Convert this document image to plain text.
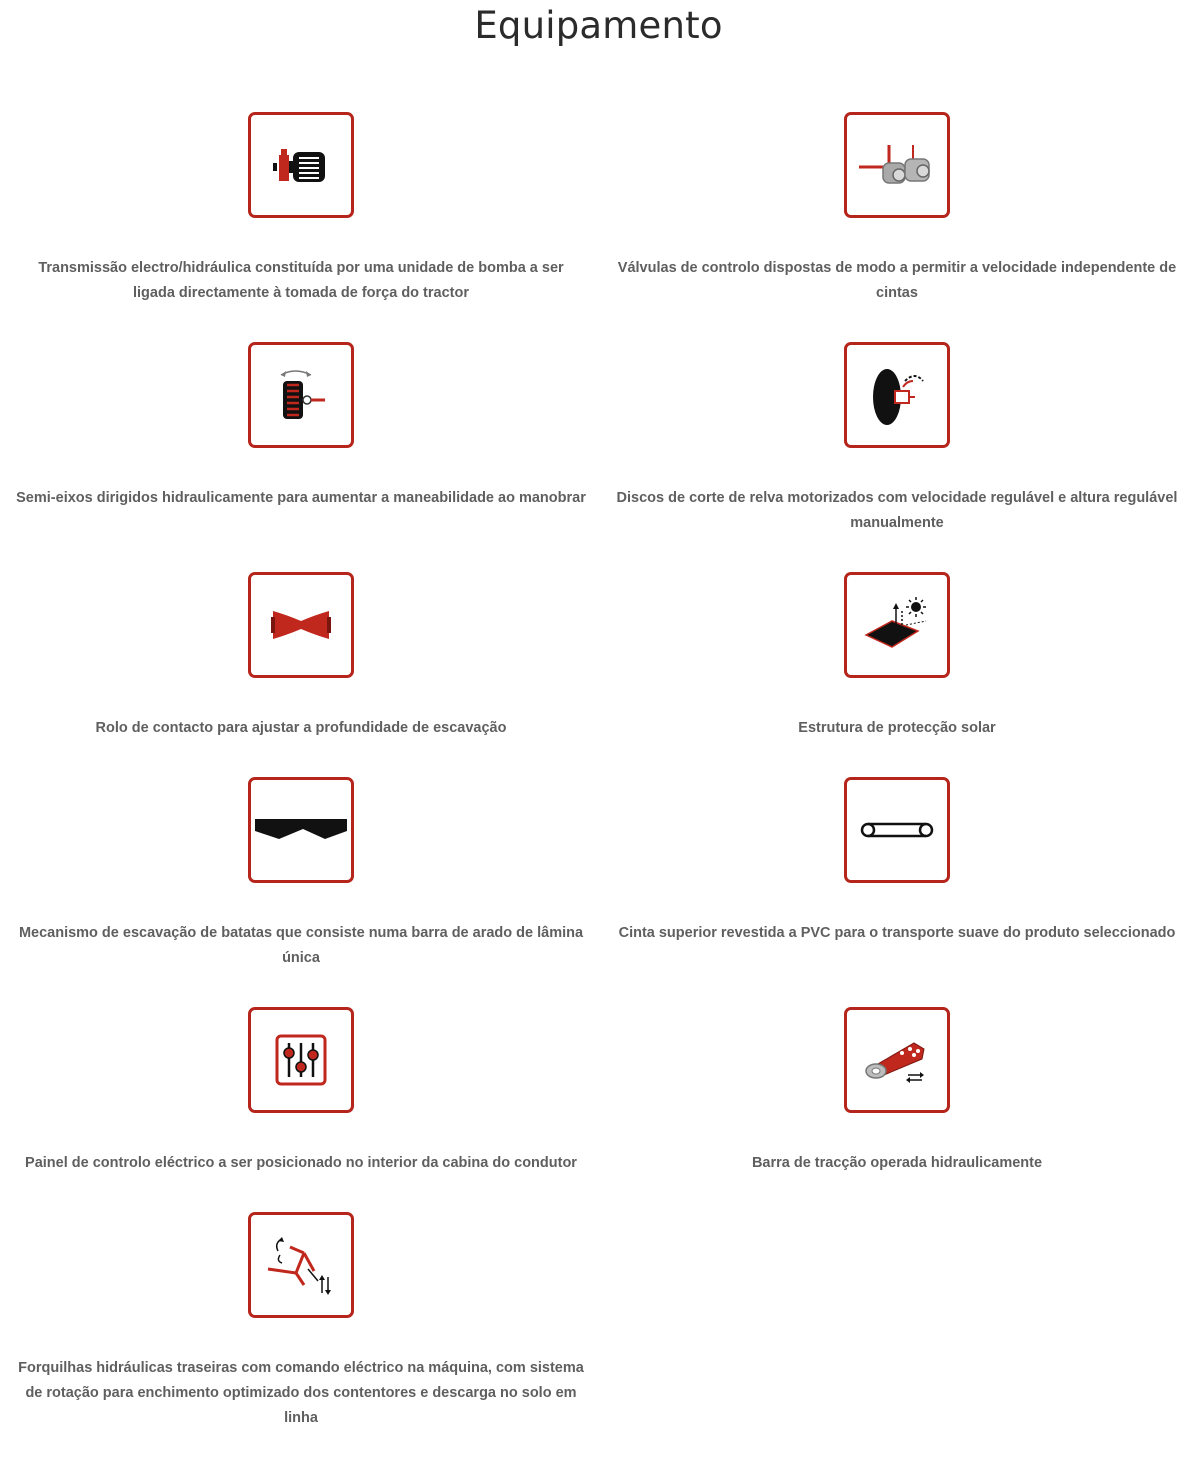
Equipamento

Transmissão electro/hidráulica constituída por uma unidade de bomba a ser ligada directamente à tomada de força do tractor

Válvulas de controlo dispostas de modo a permitir a velocidade independente de cintas

Semi-eixos dirigidos hidraulicamente para aumentar a maneabilidade ao manobrar	Discos de corte de relva motorizados com velocidade regulável e altura regulável manualmente

Rolo de contacto para ajustar a profundidade de escavação	Estrutura de protecção solar

Mecanismo de escavação de batatas que consiste numa barra de arado de lâmina única

Cinta superior revestida a PVC para o transporte suave do produto seleccionado

Painel de controlo eléctrico a ser posicionado no interior da cabina do condutor	Barra de tracção operada hidraulicamente

Forquilhas hidráulicas traseiras com comando eléctrico na máquina, com sistema de rotação para enchimento optimizado dos contentores e descarga no solo em linha
